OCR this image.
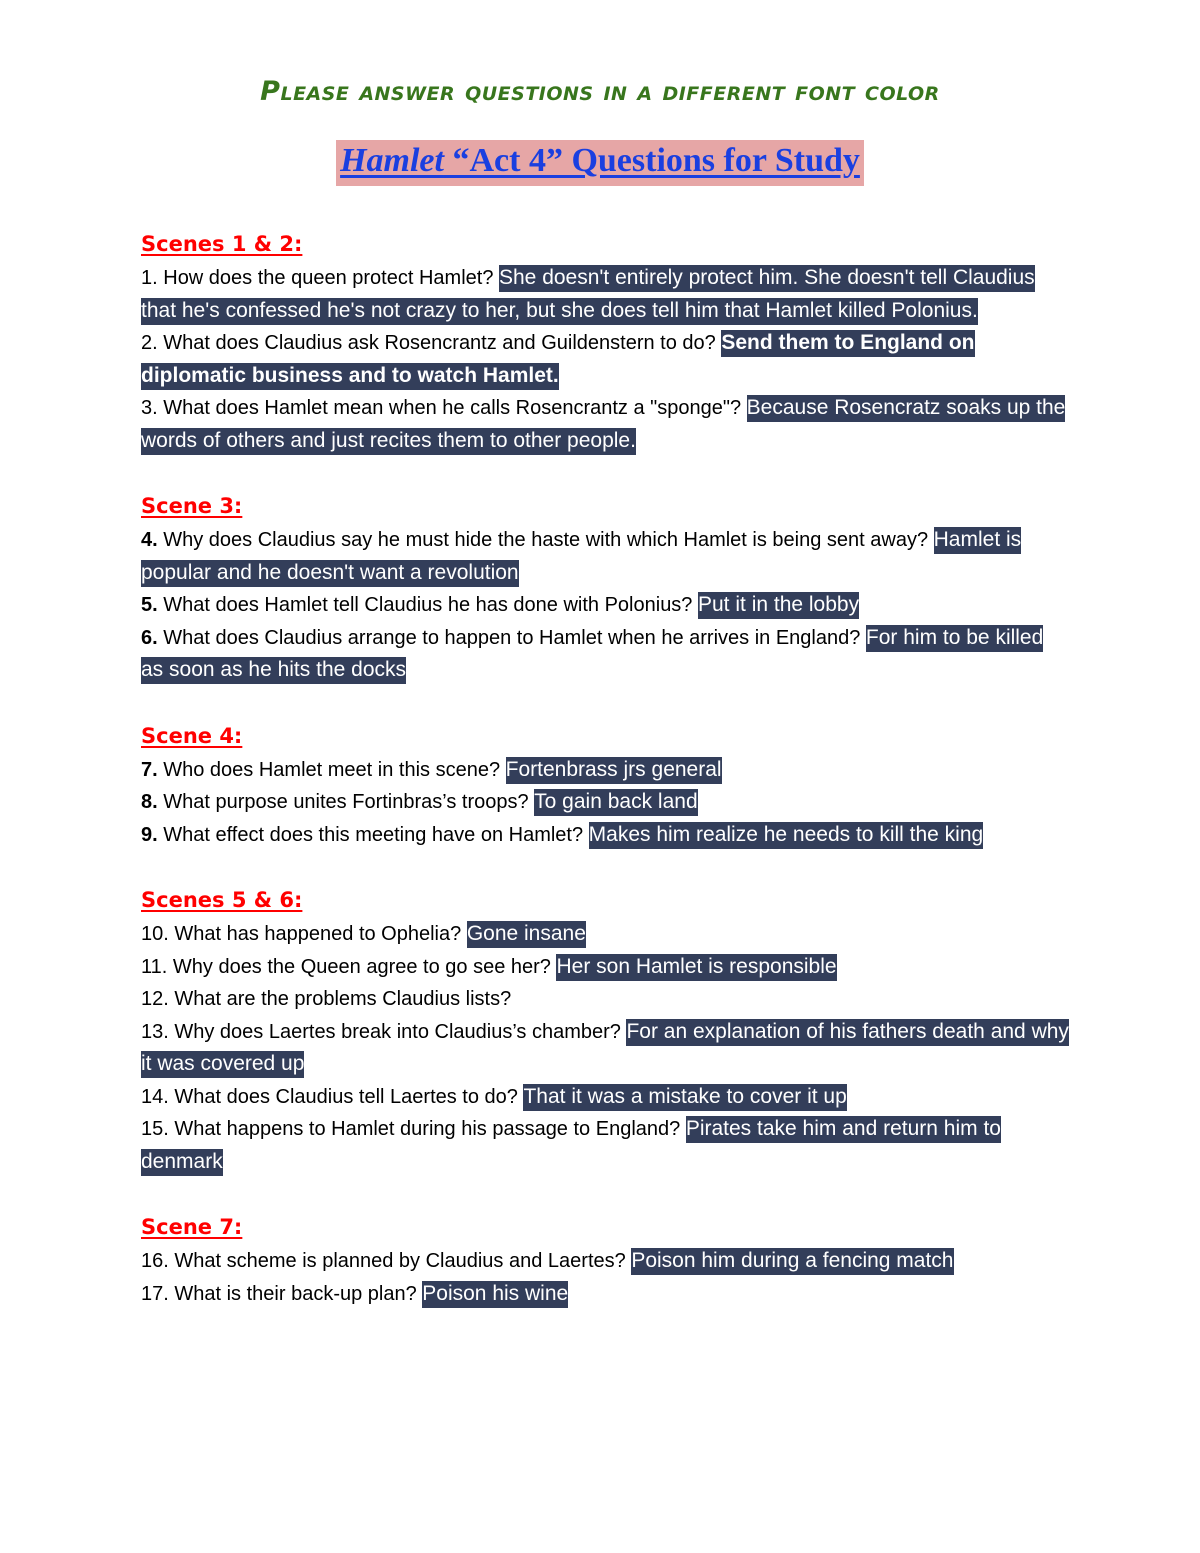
Please answer questions in a different font color
Hamlet “Act 4” Questions for Study
Scenes 1 & 2:

1. How does the queen protect Hamlet? She doesn't entirely protect him. She doesn't tell Claudius that he's confessed he's not crazy to her, but she does tell him that Hamlet killed Polonius.

2. What does Claudius ask Rosencrantz and Guildenstern to do? Send them to England on diplomatic business and to watch Hamlet.

3. What does Hamlet mean when he calls Rosencrantz a "sponge"? Because Rosencratz soaks up the words of others and just recites them to other people.

Scene 3:

4. Why does Claudius say he must hide the haste with which Hamlet is being sent away? Hamlet is popular and he doesn't want a revolution

5. What does Hamlet tell Claudius he has done with Polonius? Put it in the lobby

6. What does Claudius arrange to happen to Hamlet when he arrives in England? For him to be killed as soon as he hits the docks

Scene 4:

7. Who does Hamlet meet in this scene? Fortenbrass jrs general

8. What purpose unites Fortinbras’s troops? To gain back land

9. What effect does this meeting have on Hamlet? Makes him realize he needs to kill the king

Scenes 5 & 6:

10. What has happened to Ophelia? Gone insane

11. Why does the Queen agree to go see her? Her son Hamlet is responsible

12. What are the problems Claudius lists?

13. Why does Laertes break into Claudius’s chamber? For an explanation of his fathers death and why it was covered up

14. What does Claudius tell Laertes to do? That it was a mistake to cover it up

15. What happens to Hamlet during his passage to England? Pirates take him and return him to denmark

Scene 7:

16. What scheme is planned by Claudius and Laertes? Poison him during a fencing match

17. What is their back-up plan? Poison his wine
